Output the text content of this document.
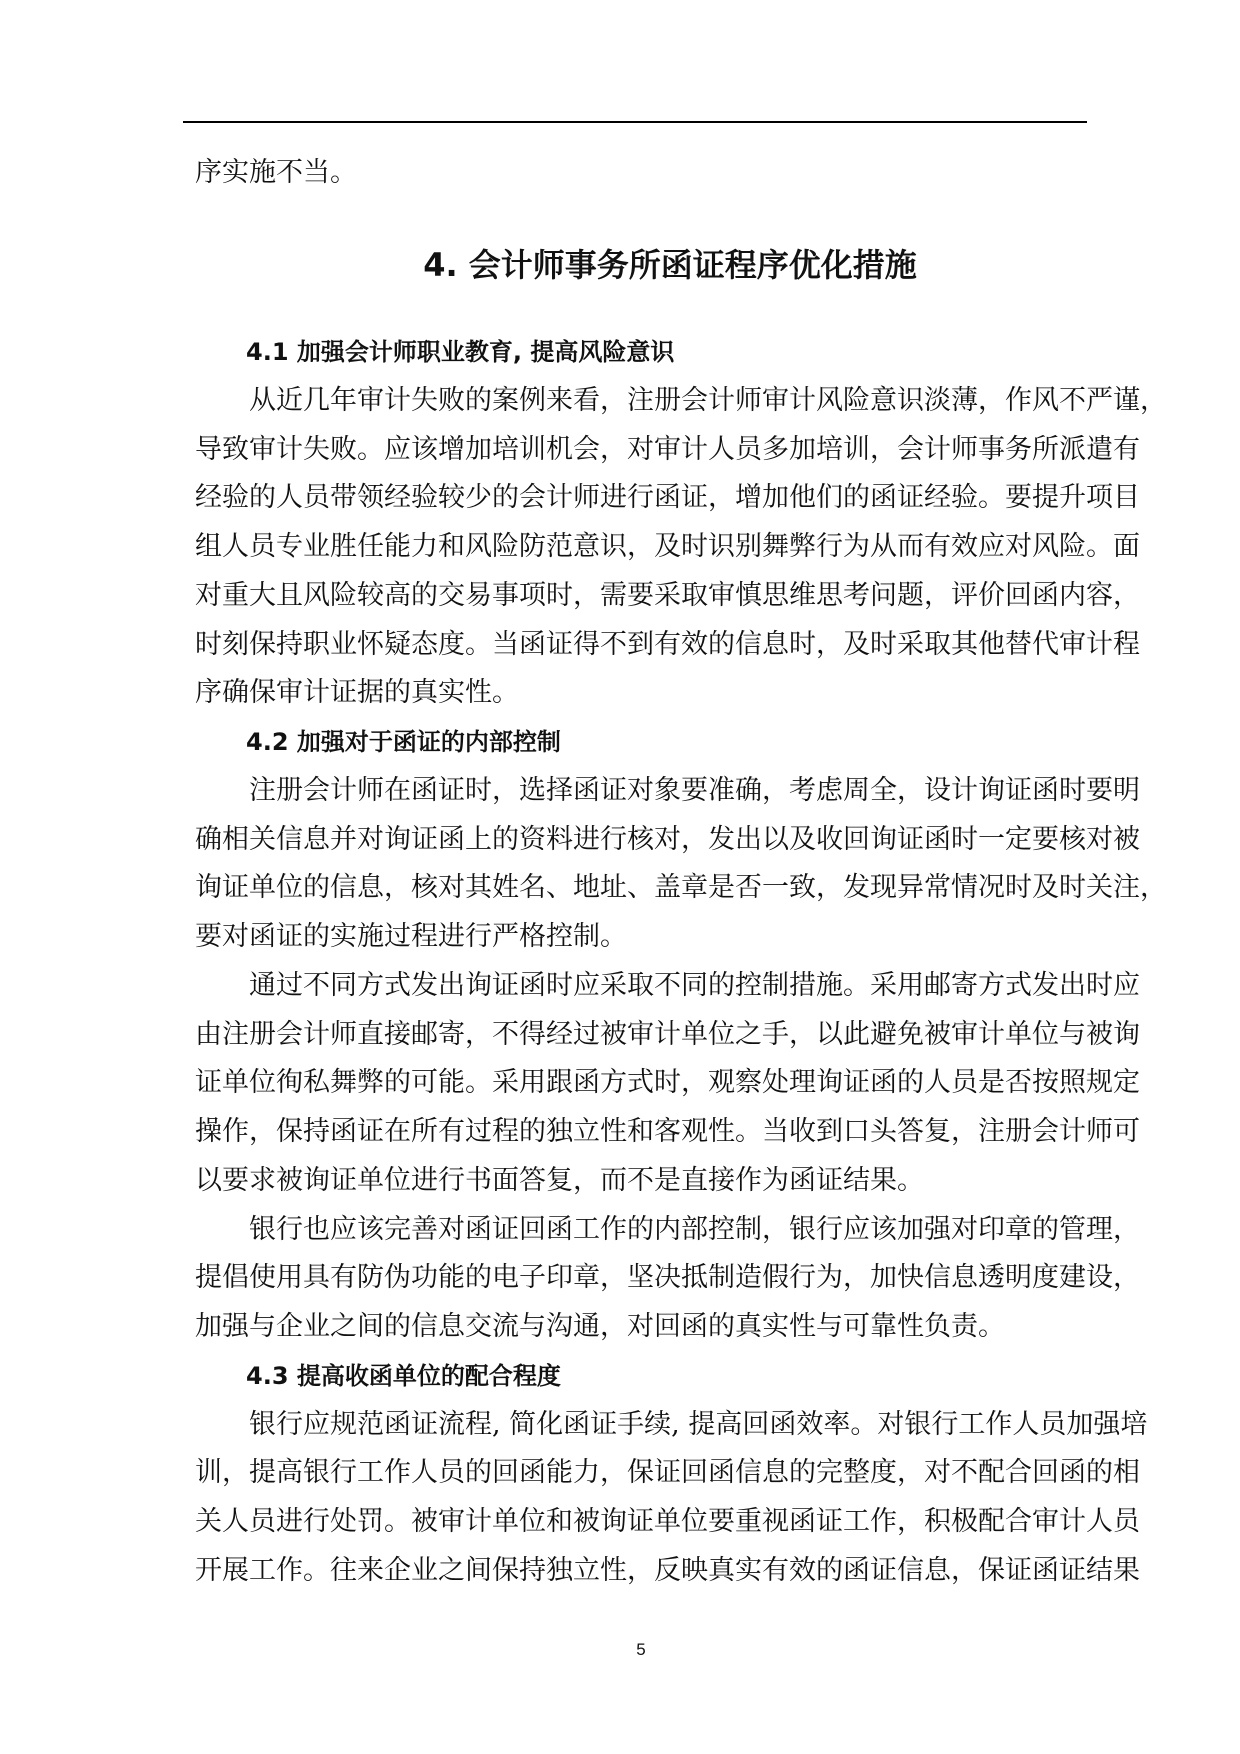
序实施不当。
4. 会计师事务所函证程序优化措施
4.1 加强会计师职业教育, 提高风险意识
从近几年审计失败的案例来看，注册会计师审计风险意识淡薄，作风不严谨，
导致审计失败。应该增加培训机会，对审计人员多加培训，会计师事务所派遣有
经验的人员带领经验较少的会计师进行函证，增加他们的函证经验。要提升项目
组人员专业胜任能力和风险防范意识，及时识别舞弊行为从而有效应对风险。面
对重大且风险较高的交易事项时，需要采取审慎思维思考问题，评价回函内容，
时刻保持职业怀疑态度。当函证得不到有效的信息时，及时采取其他替代审计程
序确保审计证据的真实性。
4.2 加强对于函证的内部控制
注册会计师在函证时，选择函证对象要准确，考虑周全，设计询证函时要明
确相关信息并对询证函上的资料进行核对，发出以及收回询证函时一定要核对被
询证单位的信息，核对其姓名、地址、盖章是否一致，发现异常情况时及时关注，
要对函证的实施过程进行严格控制。
通过不同方式发出询证函时应采取不同的控制措施。采用邮寄方式发出时应
由注册会计师直接邮寄，不得经过被审计单位之手，以此避免被审计单位与被询
证单位徇私舞弊的可能。采用跟函方式时，观察处理询证函的人员是否按照规定
操作，保持函证在所有过程的独立性和客观性。当收到口头答复，注册会计师可
以要求被询证单位进行书面答复，而不是直接作为函证结果。
银行也应该完善对函证回函工作的内部控制，银行应该加强对印章的管理，
提倡使用具有防伪功能的电子印章，坚决抵制造假行为，加快信息透明度建设，
加强与企业之间的信息交流与沟通，对回函的真实性与可靠性负责。
4.3 提高收函单位的配合程度
银行应规范函证流程, 简化函证手续, 提高回函效率。对银行工作人员加强培
训，提高银行工作人员的回函能力，保证回函信息的完整度，对不配合回函的相
关人员进行处罚。被审计单位和被询证单位要重视函证工作，积极配合审计人员
开展工作。往来企业之间保持独立性，反映真实有效的函证信息，保证函证结果
5
